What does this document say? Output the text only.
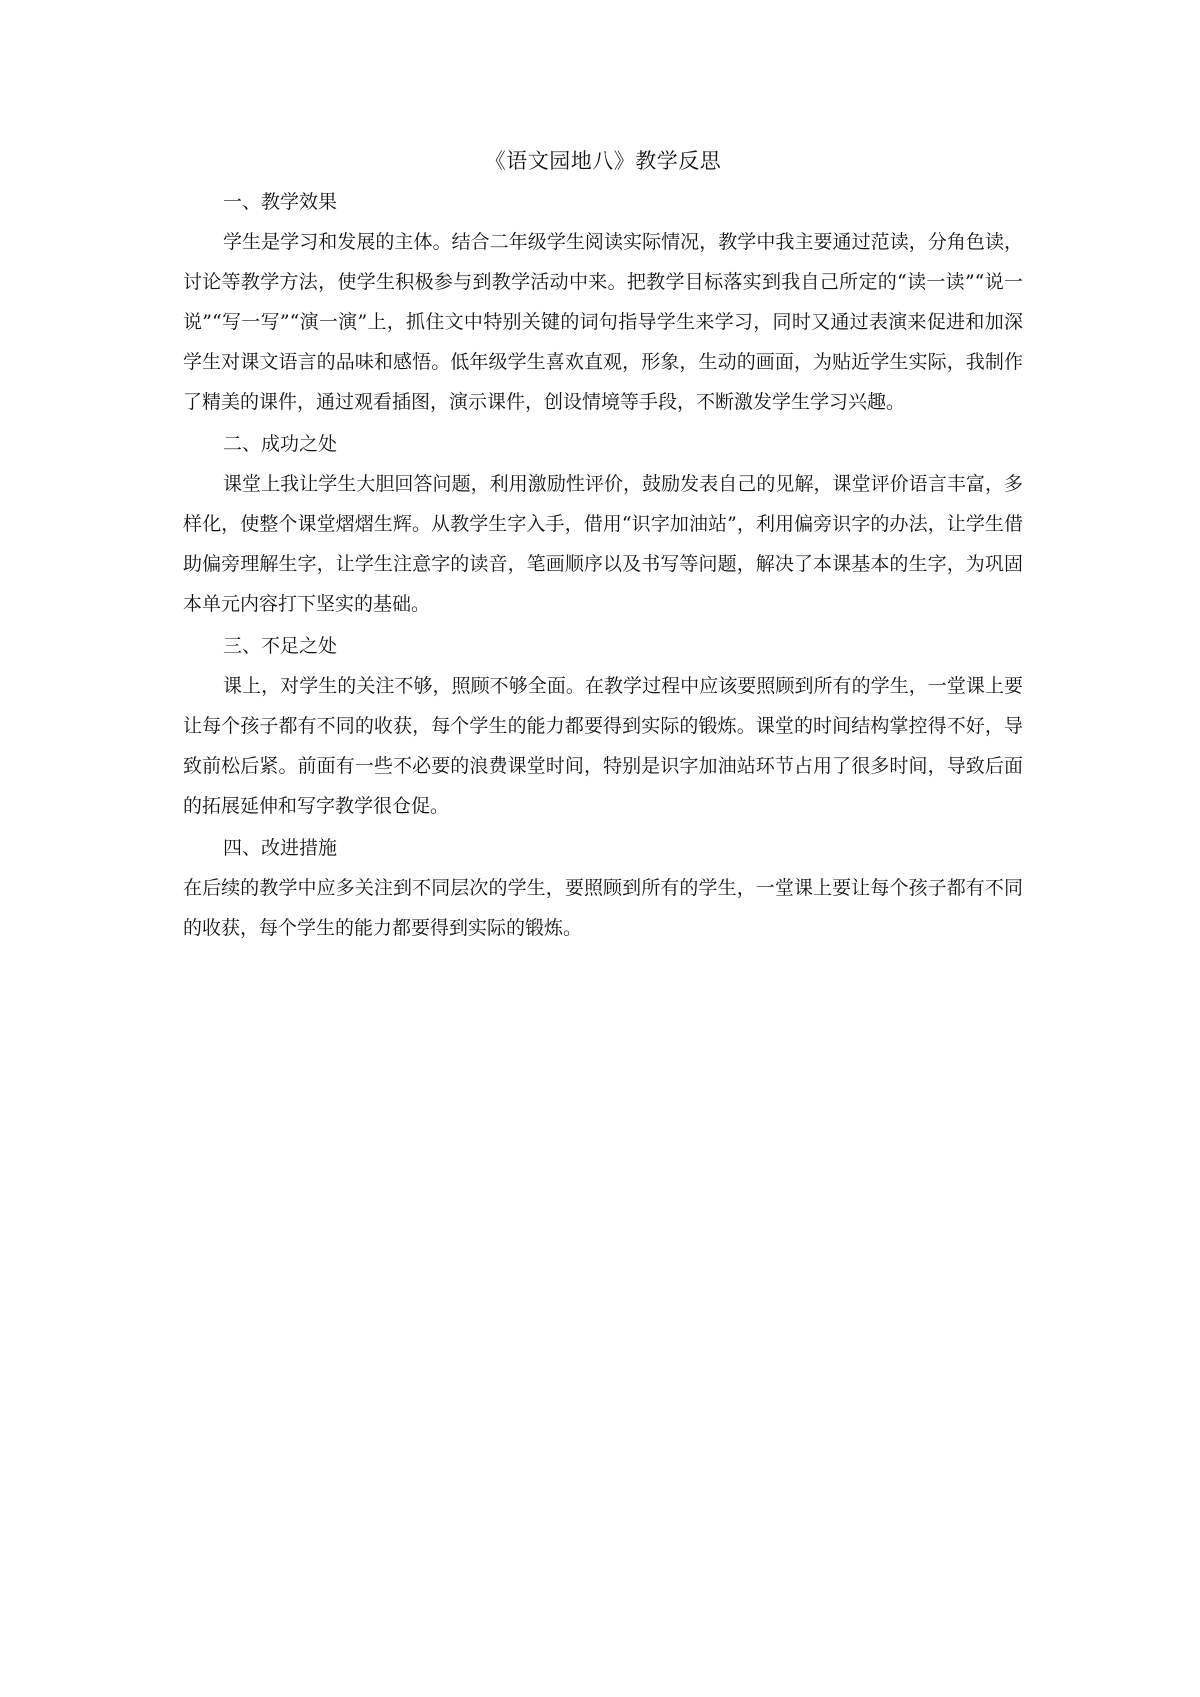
《语文园地八》教学反思

一、教学效果

学生是学习和发展的主体。结合二年级学生阅读实际情况，教学中我主要通过范读，分角色读，讨论等教学方法，使学生积极参与到教学活动中来。把教学目标落实到我自己所定的“读一读”“说一说”“写一写”“演一演”上，抓住文中特别关键的词句指导学生来学习，同时又通过表演来促进和加深学生对课文语言的品味和感悟。低年级学生喜欢直观，形象，生动的画面，为贴近学生实际，我制作了精美的课件，通过观看插图，演示课件，创设情境等手段，不断激发学生学习兴趣。

二、成功之处

课堂上我让学生大胆回答问题，利用激励性评价，鼓励发表自己的见解，课堂评价语言丰富，多样化，使整个课堂熠熠生辉。从教学生字入手，借用“识字加油站”，利用偏旁识字的办法，让学生借助偏旁理解生字，让学生注意字的读音，笔画顺序以及书写等问题，解决了本课基本的生字，为巩固本单元内容打下坚实的基础。

三、不足之处

课上，对学生的关注不够，照顾不够全面。在教学过程中应该要照顾到所有的学生，一堂课上要让每个孩子都有不同的收获，每个学生的能力都要得到实际的锻炼。课堂的时间结构掌控得不好，导致前松后紧。前面有一些不必要的浪费课堂时间，特别是识字加油站环节占用了很多时间，导致后面的拓展延伸和写字教学很仓促。

四、改进措施

在后续的教学中应多关注到不同层次的学生，要照顾到所有的学生，一堂课上要让每个孩子都有不同的收获，每个学生的能力都要得到实际的锻炼。
